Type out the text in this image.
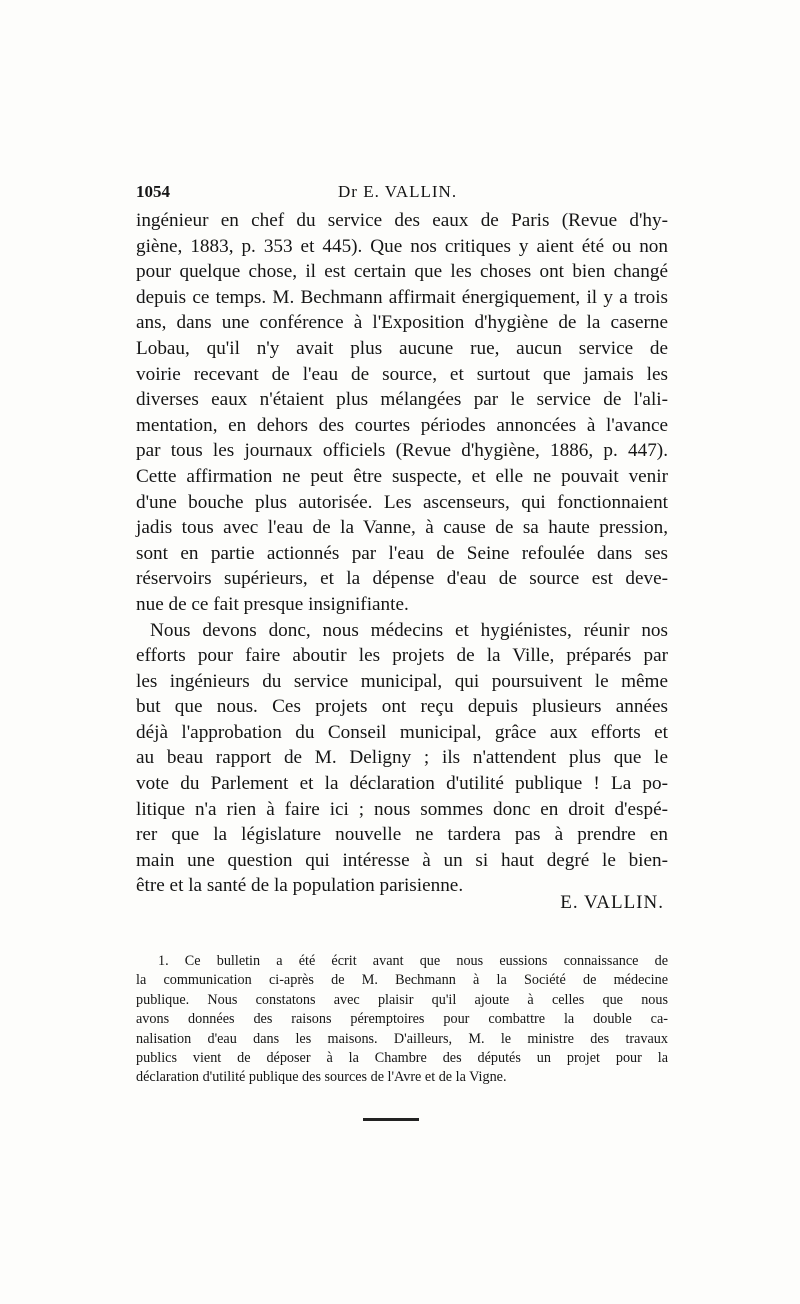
1054	Dr E. VALLIN.
ingénieur en chef du service des eaux de Paris (Revue d'hy-
giène, 1883, p. 353 et 445). Que nos critiques y aient été ou non
pour quelque chose, il est certain que les choses ont bien changé
depuis ce temps. M. Bechmann affirmait énergiquement, il y a trois
ans, dans une conférence à l'Exposition d'hygiène de la caserne
Lobau, qu'il n'y avait plus aucune rue, aucun service de
voirie recevant de l'eau de source, et surtout que jamais les
diverses eaux n'étaient plus mélangées par le service de l'ali-
mentation, en dehors des courtes périodes annoncées à l'avance
par tous les journaux officiels (Revue d'hygiène, 1886, p. 447).
Cette affirmation ne peut être suspecte, et elle ne pouvait venir
d'une bouche plus autorisée. Les ascenseurs, qui fonctionnaient
jadis tous avec l'eau de la Vanne, à cause de sa haute pression,
sont en partie actionnés par l'eau de Seine refoulée dans ses
réservoirs supérieurs, et la dépense d'eau de source est deve-
nue de ce fait presque insignifiante.
Nous devons donc, nous médecins et hygiénistes, réunir nos
efforts pour faire aboutir les projets de la Ville, préparés par
les ingénieurs du service municipal, qui poursuivent le même
but que nous. Ces projets ont reçu depuis plusieurs années
déjà l'approbation du Conseil municipal, grâce aux efforts et
au beau rapport de M. Deligny ; ils n'attendent plus que le
vote du Parlement et la déclaration d'utilité publique ! La po-
litique n'a rien à faire ici ; nous sommes donc en droit d'espé-
rer que la législature nouvelle ne tardera pas à prendre en
main une question qui intéresse à un si haut degré le bien-
être et la santé de la population parisienne.
E. VALLIN.
1. Ce bulletin a été écrit avant que nous eussions connaissance de
la communication ci-après de M. Bechmann à la Société de médecine
publique. Nous constatons avec plaisir qu'il ajoute à celles que nous
avons données des raisons péremptoires pour combattre la double ca-
nalisation d'eau dans les maisons. D'ailleurs, M. le ministre des travaux
publics vient de déposer à la Chambre des députés un projet pour la
déclaration d'utilité publique des sources de l'Avre et de la Vigne.
